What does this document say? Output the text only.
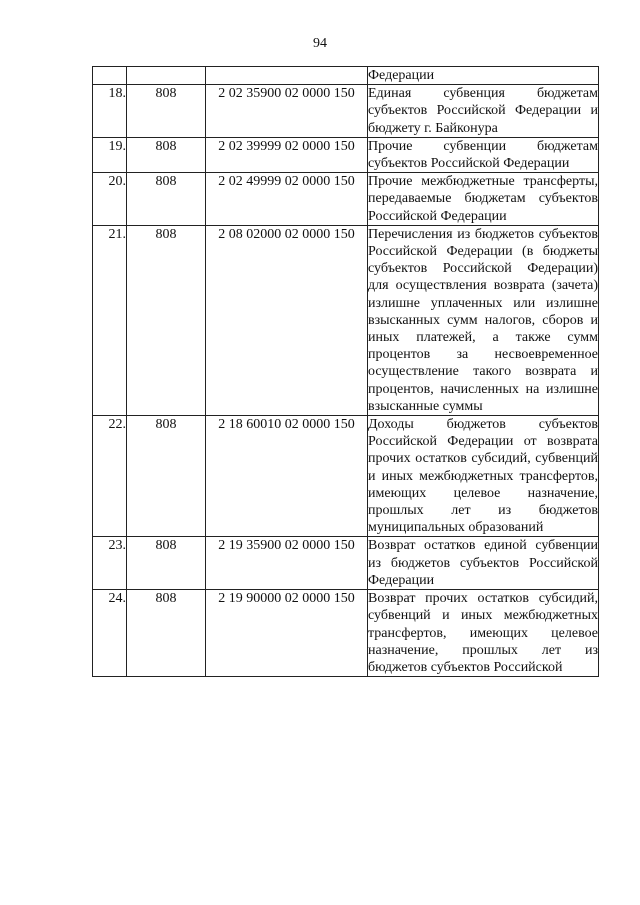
94
			Федерации
18.	808	2 02 35900 02 0000 150	Единая субвенция бюджетам субъектов Российской Федерации и бюджету г. Байконура
19.	808	2 02 39999 02 0000 150	Прочие субвенции бюджетам субъектов Российской Федерации
20.	808	2 02 49999 02 0000 150	Прочие межбюджетные трансферты, передаваемые бюджетам субъектов Российской Федерации
21.	808	2 08 02000 02 0000 150	Перечисления из бюджетов субъектов Российской Федерации (в бюджеты субъектов Российской Федерации) для осуществления возврата (зачета) излишне уплаченных или излишне взысканных сумм налогов, сборов и иных платежей, а также сумм процентов за несвоевременное осуществление такого возврата и процентов, начисленных на излишне взысканные суммы
22.	808	2 18 60010 02 0000 150	Доходы бюджетов субъектов Российской Федерации от возврата прочих остатков субсидий, субвенций и иных межбюджетных трансфертов, имеющих целевое назначение, прошлых лет из бюджетов муниципальных образований
23.	808	2 19 35900 02 0000 150	Возврат остатков единой субвенции из бюджетов субъектов Российской Федерации
24.	808	2 19 90000 02 0000 150	Возврат прочих остатков субсидий, субвенций и иных межбюджетных трансфертов, имеющих целевое назначение, прошлых лет из бюджетов субъектов Российской
